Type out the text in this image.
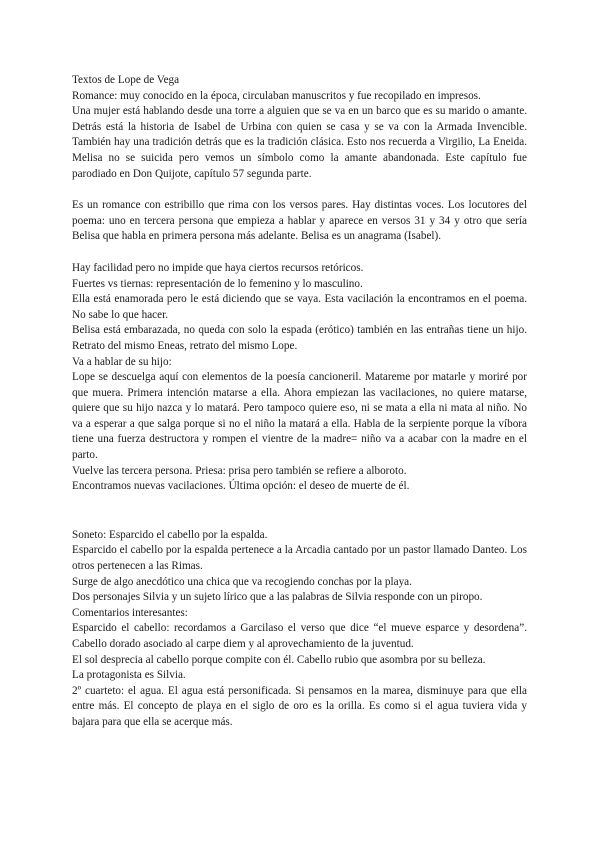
Textos de Lope de Vega

Romance: muy conocido en la época, circulaban manuscritos y fue recopilado en impresos.

Una mujer está hablando desde una torre a alguien que se va en un barco que es su marido o amante. Detrás está la historia de Isabel de Urbina con quien se casa y se va con la Armada Invencible. También hay una tradición detrás que es la tradición clásica. Esto nos recuerda a Virgilio, La Eneida. Melisa no se suicida pero vemos un símbolo como la amante abandonada. Este capítulo fue parodiado en Don Quijote, capítulo 57 segunda parte.

Es un romance con estribillo que rima con los versos pares. Hay distintas voces. Los locutores del poema: uno en tercera persona que empieza a hablar y aparece en versos 31 y 34 y otro que sería Belisa que habla en primera persona más adelante. Belisa es un anagrama (Isabel).

Hay facilidad pero no impide que haya ciertos recursos retóricos.

Fuertes vs tiernas: representación de lo femenino y lo masculino.

Ella está enamorada pero le está diciendo que se vaya. Esta vacilación la encontramos en el poema. No sabe lo que hacer.

Belisa está embarazada, no queda con solo la espada (erótico) también en las entrañas tiene un hijo. Retrato del mismo Eneas, retrato del mismo Lope.

Va a hablar de su hijo:

Lope se descuelga aquí con elementos de la poesía cancioneril. Matareme por matarle y moriré por que muera. Primera intención matarse a ella. Ahora empiezan las vacilaciones, no quiere matarse, quiere que su hijo nazca y lo matará. Pero tampoco quiere eso, ni se mata a ella ni mata al niño. No va a esperar a que salga porque si no el niño la matará a ella. Habla de la serpiente porque la víbora tiene una fuerza destructora y rompen el vientre de la madre= niño va a acabar con la madre en el parto.

Vuelve las tercera persona. Priesa: prisa pero también se refiere a alboroto.

Encontramos nuevas vacilaciones. Última opción: el deseo de muerte de él.

Soneto: Esparcido el cabello por la espalda.

Esparcido el cabello por la espalda pertenece a la Arcadia cantado por un pastor llamado Danteo. Los otros pertenecen a las Rimas.

Surge de algo anecdótico una chica que va recogiendo conchas por la playa.

Dos personajes Silvia y un sujeto lírico que a las palabras de Silvia responde con un piropo.

Comentarios interesantes:

Esparcido el cabello: recordamos a Garcilaso el verso que dice “el mueve esparce y desordena”. Cabello dorado asociado al carpe diem y al aprovechamiento de la juventud.

El sol desprecia al cabello porque compite con él. Cabello rubio que asombra por su belleza.

La protagonista es Silvia.

2º cuarteto: el agua. El agua está personificada. Si pensamos en la marea, disminuye para que ella entre más. El concepto de playa en el siglo de oro es la orilla. Es como si el agua tuviera vida y bajara para que ella se acerque más.
